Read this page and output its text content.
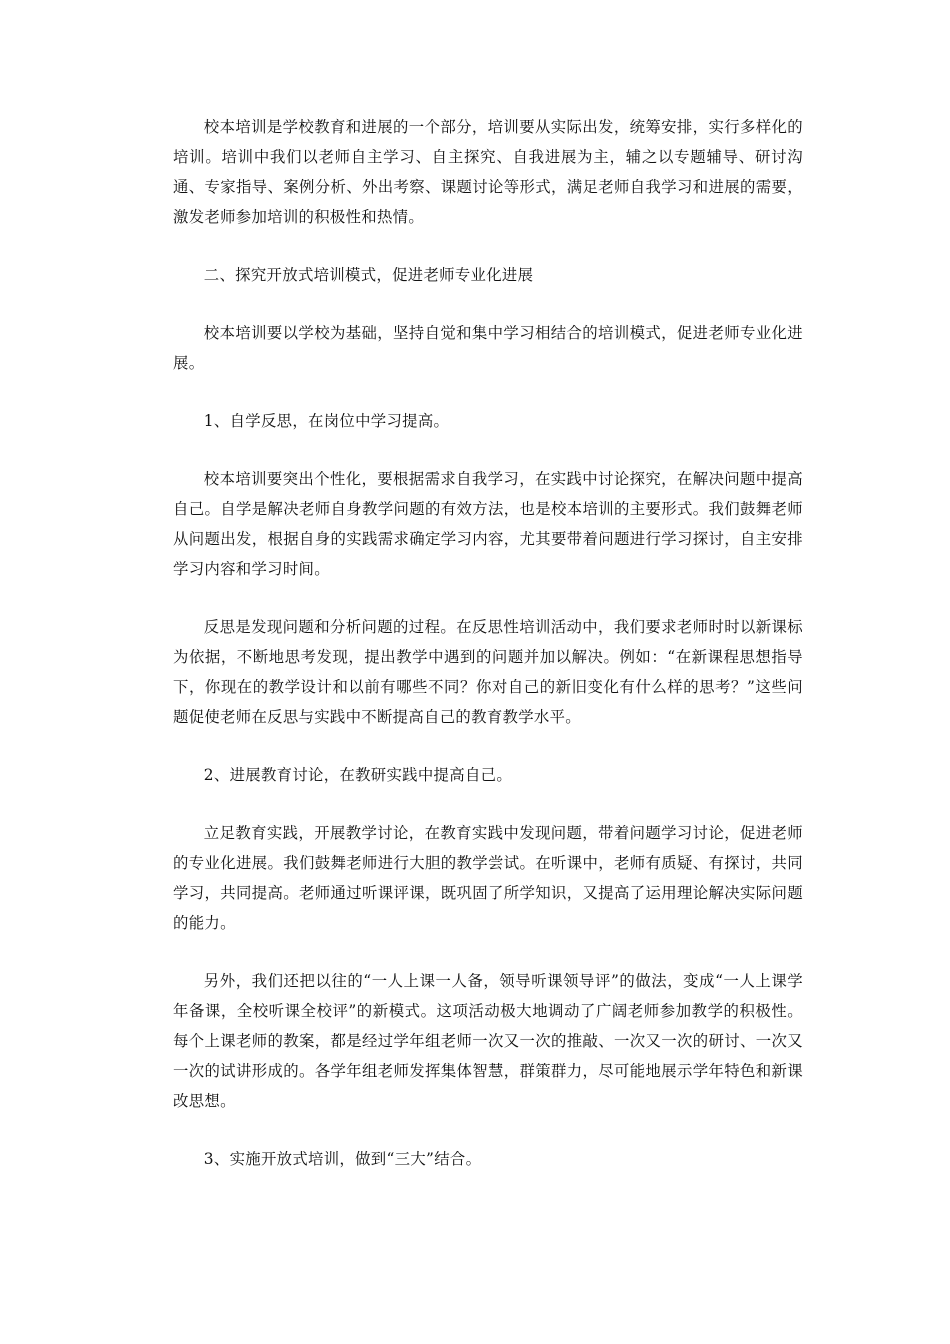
校本培训是学校教育和进展的一个部分，培训要从实际出发，统筹安排，实行多样化的培训。培训中我们以老师自主学习、自主探究、自我进展为主，辅之以专题辅导、研讨沟通、专家指导、案例分析、外出考察、课题讨论等形式，满足老师自我学习和进展的需要，激发老师参加培训的积极性和热情。

二、探究开放式培训模式，促进老师专业化进展

校本培训要以学校为基础，坚持自觉和集中学习相结合的培训模式，促进老师专业化进展。

1、自学反思，在岗位中学习提高。

校本培训要突出个性化，要根据需求自我学习，在实践中讨论探究，在解决问题中提高自己。自学是解决老师自身教学问题的有效方法，也是校本培训的主要形式。我们鼓舞老师从问题出发，根据自身的实践需求确定学习内容，尤其要带着问题进行学习探讨，自主安排学习内容和学习时间。

反思是发现问题和分析问题的过程。在反思性培训活动中，我们要求老师时时以新课标为依据，不断地思考发现，提出教学中遇到的问题并加以解决。例如：“在新课程思想指导下，你现在的教学设计和以前有哪些不同？你对自己的新旧变化有什么样的思考？”这些问题促使老师在反思与实践中不断提高自己的教育教学水平。

2、进展教育讨论，在教研实践中提高自己。

立足教育实践，开展教学讨论，在教育实践中发现问题，带着问题学习讨论，促进老师的专业化进展。我们鼓舞老师进行大胆的教学尝试。在听课中，老师有质疑、有探讨，共同学习，共同提高。老师通过听课评课，既巩固了所学知识，又提高了运用理论解决实际问题的能力。

另外，我们还把以往的“一人上课一人备，领导听课领导评”的做法，变成“一人上课学年备课，全校听课全校评”的新模式。这项活动极大地调动了广阔老师参加教学的积极性。每个上课老师的教案，都是经过学年组老师一次又一次的推敲、一次又一次的研讨、一次又一次的试讲形成的。各学年组老师发挥集体智慧，群策群力，尽可能地展示学年特色和新课改思想。

3、实施开放式培训，做到“三大”结合。
